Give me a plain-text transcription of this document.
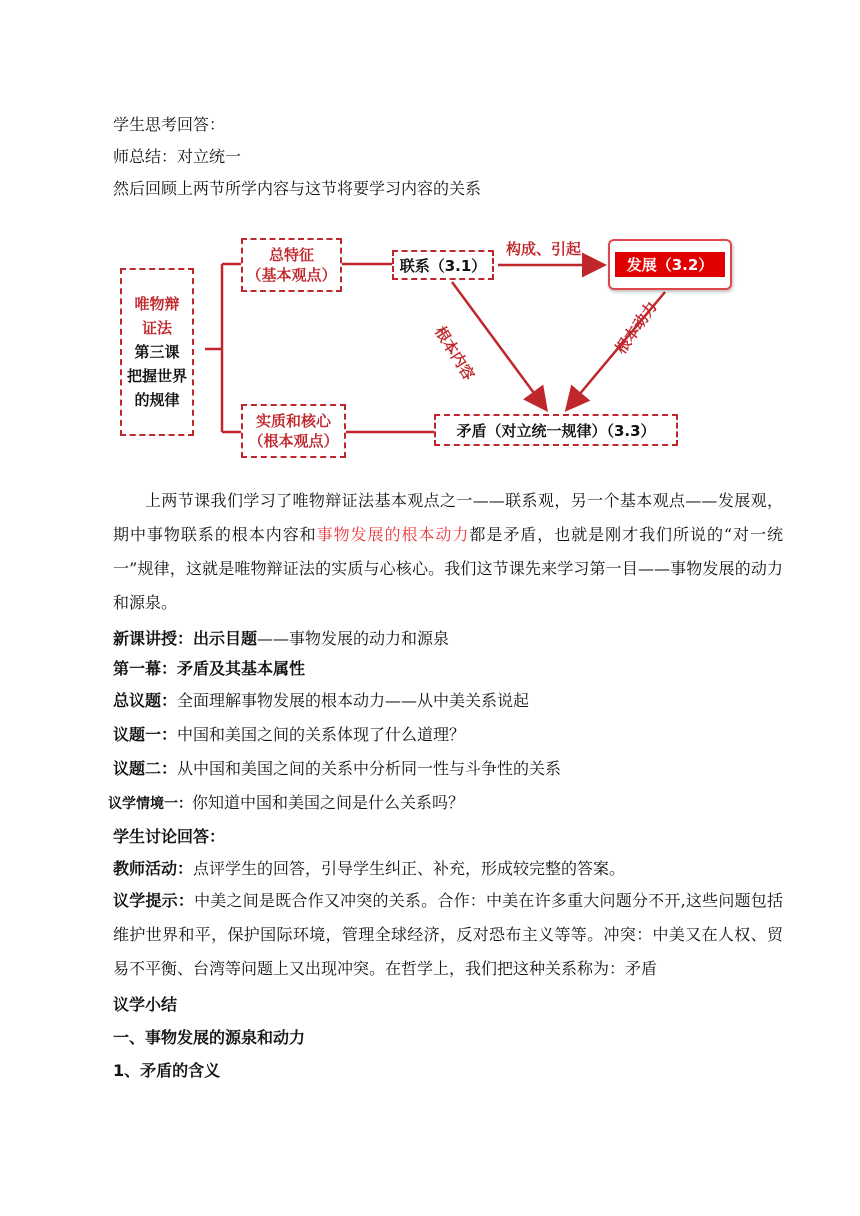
学生思考回答：
师总结：对立统一
然后回顾上两节所学内容与这节将要学习内容的关系
唯物辩
证法
第三课
把握世界
的规律
总特征
（基本观点）
实质和核心
（根本观点）
联系（3.1）	发展（3.2）
矛盾（对立统一规律）（3.3）
构成、引起
根本内容	根本动力
上两节课我们学习了唯物辩证法基本观点之一——联系观，另一个基本观点——发展观，期中事物联系的根本内容和事物发展的根本动力都是矛盾，也就是刚才我们所说的“对一统一”规律，这就是唯物辩证法的实质与心核心。我们这节课先来学习第一目——事物发展的动力和源泉。
新课讲授：出示目题——事物发展的动力和源泉
第一幕：矛盾及其基本属性
总议题：全面理解事物发展的根本动力——从中美关系说起
议题一：中国和美国之间的关系体现了什么道理？
议题二：从中国和美国之间的关系中分析同一性与斗争性的关系
议学情境一：你知道中国和美国之间是什么关系吗？
学生讨论回答：
教师活动：点评学生的回答，引导学生纠正、补充，形成较完整的答案。
议学提示：中美之间是既合作又冲突的关系。合作：中美在许多重大问题分不开,这些问题包括维护世界和平，保护国际环境，管理全球经济，反对恐布主义等等。冲突：中美又在人权、贸易不平衡、台湾等问题上又出现冲突。在哲学上，我们把这种关系称为：矛盾
议学小结
一、事物发展的源泉和动力
1、矛盾的含义
